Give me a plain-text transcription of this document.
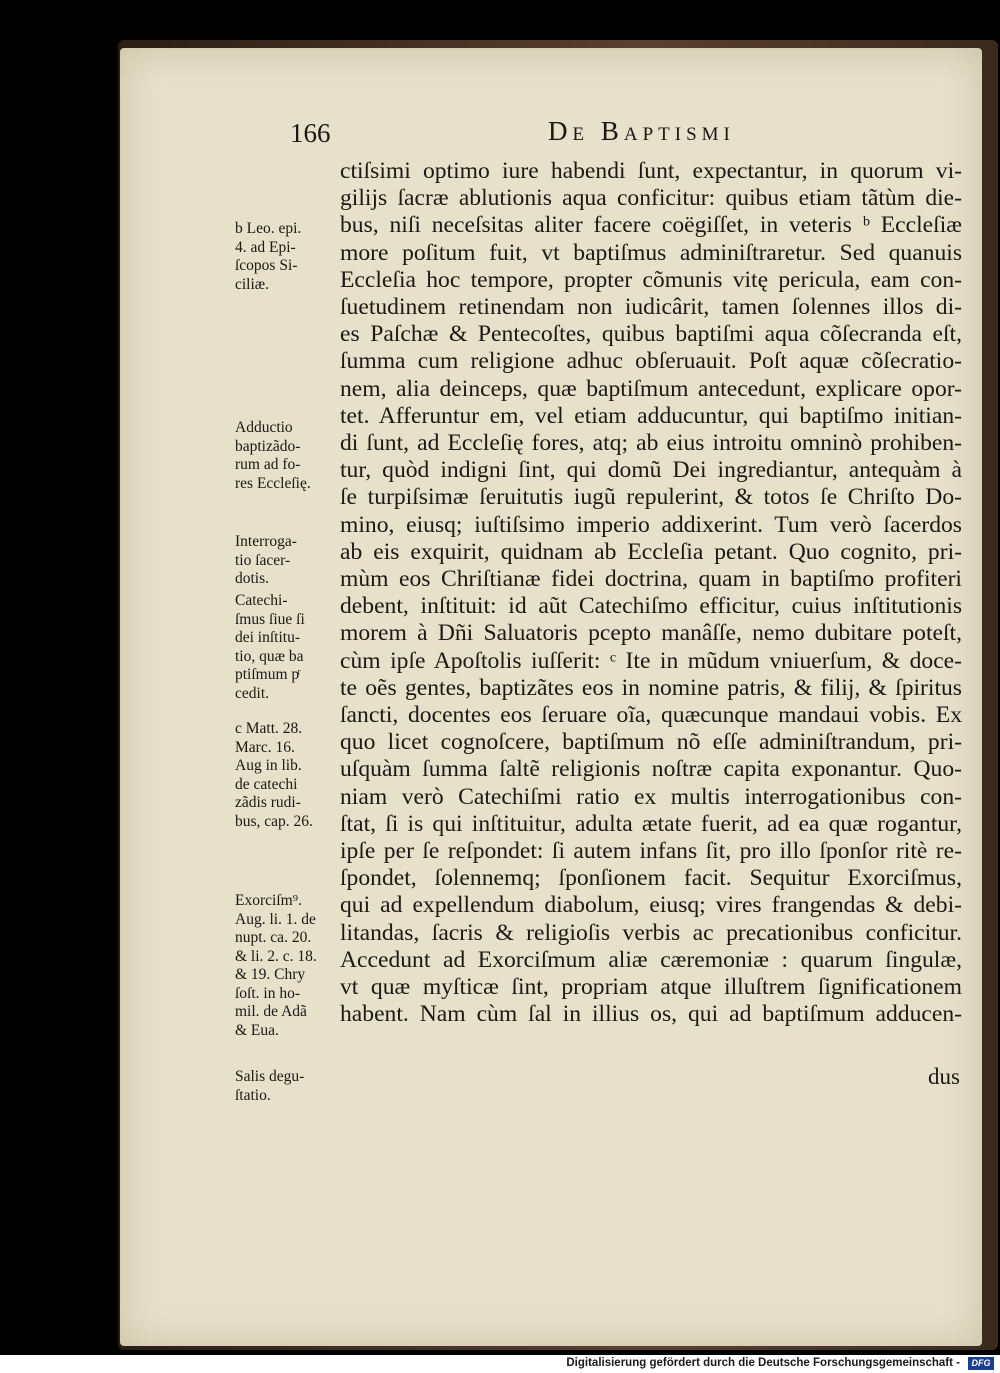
166	De Baptismi
ctiſsimi optimo iure habendi ſunt, expectantur, in quorum vi-
gilijs ſacræ ablutionis aqua conficitur: quibus etiam tãtùm die-
bus, niſi neceſsitas aliter facere coëgiſſet, in veteris ᵇ Eccleſiæ
more poſitum fuit, vt baptiſmus adminiſtraretur. Sed quanuis
Eccleſia hoc tempore, propter cõmunis vitę pericula, eam con-
ſuetudinem retinendam non iudicârit, tamen ſolennes illos di-
es Paſchæ & Pentecoſtes, quibus baptiſmi aqua cõſecranda eſt,
ſumma cum religione adhuc obſeruauit. Poſt aquæ cõſecratio-
nem, alia deinceps, quæ baptiſmum antecedunt, explicare opor-
tet. Afferuntur em, vel etiam adducuntur, qui baptiſmo initian-
di ſunt, ad Eccleſię fores, atq; ab eius introitu omninò prohiben-
tur, quòd indigni ſint, qui domũ Dei ingrediantur, antequàm à
ſe turpiſsimæ ſeruitutis iugũ repulerint, & totos ſe Chriſto Do-
mino, eiusq; iuſtiſsimo imperio addixerint. Tum verò ſacerdos
ab eis exquirit, quidnam ab Eccleſia petant. Quo cognito, pri-
mùm eos Chriſtianæ fidei doctrina, quam in baptiſmo profiteri
debent, inſtituit: id aũt Catechiſmo efficitur, cuius inſtitutionis
morem à Dñi Saluatoris pcepto manâſſe, nemo dubitare poteſt,
cùm ipſe Apoſtolis iuſſerit: ᶜ Ite in mũdum vniuerſum, & doce-
te oẽs gentes, baptizãtes eos in nomine patris, & filij, & ſpiritus
ſancti, docentes eos ſeruare oĩa, quæcunque mandaui vobis. Ex
quo licet cognoſcere, baptiſmum nõ eſſe adminiſtrandum, pri-
uſquàm ſumma ſaltẽ religionis noſtræ capita exponantur. Quo-
niam verò Catechiſmi ratio ex multis interrogationibus con-
ſtat, ſi is qui inſtituitur, adulta ætate fuerit, ad ea quæ rogantur,
ipſe per ſe reſpondet: ſi autem infans ſit, pro illo ſponſor ritè re-
ſpondet, ſolennemq; ſponſionem facit. Sequitur Exorciſmus,
qui ad expellendum diabolum, eiusq; vires frangendas & debi-
litandas, ſacris & religioſis verbis ac precationibus conficitur.
Accedunt ad Exorciſmum aliæ cæremoniæ : quarum ſingulæ,
vt quæ myſticæ ſint, propriam atque illuſtrem ſignificationem
habent. Nam cùm ſal in illius os, qui ad baptiſmum adducen-
dus
b Leo. epi.
4. ad Epi-
ſcopos Si-
ciliæ.
Adductio
baptizãdo-
rum ad fo-
res Eccleſię.
Interroga-
tio ſacer-
dotis.
Catechi-
ſmus ſiue ſi
dei inſtitu-
tio, quæ ba
ptiſmum pͬ
cedit.
c Matt. 28.
Marc. 16.
Aug in lib.
de catechi
zãdis rudi-
bus, cap. 26.
Exorciſm⁹.
Aug. li. 1. de
nupt. ca. 20.
& li. 2. c. 18.
& 19. Chry
ſoſt. in ho-
mil. de Adã
& Eua.
Salis degu-
ſtatio.
Digitalisierung gefördert durch die Deutsche Forschungsgemeinschaft -	DFG
